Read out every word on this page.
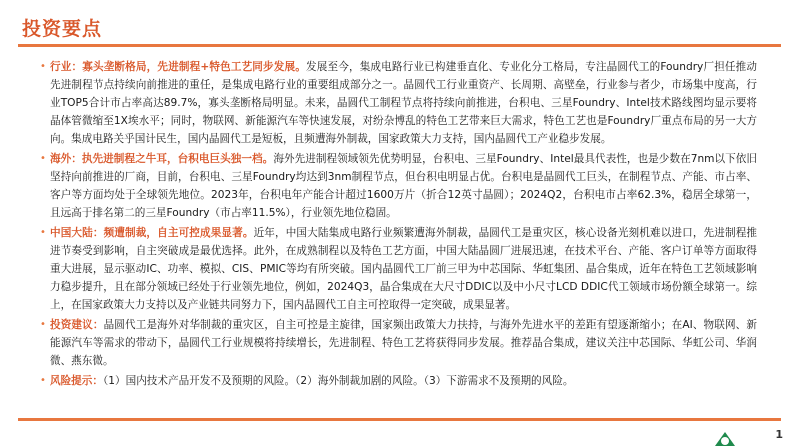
投资要点
• 行业：寡头垄断格局，先进制程+特色工艺同步发展。发展至今，集成电路行业已构建垂直化、专业化分工格局，专注晶圆代工的Foundry厂担任推动先进制程节点持续向前推进的重任，是集成电路行业的重要组成部分之一。晶圆代工行业重资产、长周期、高壁垒，行业参与者少，市场集中度高，行业TOP5合计市占率高达89.7%，寡头垄断格局明显。未来，晶圆代工制程节点将持续向前推进，台积电、三星Foundry、Intel技术路线图均显示要将晶体管微缩至1X埃水平；同时，物联网、新能源汽车等快速发展，对纷杂博乱的特色工艺带来巨大需求，特色工艺也是Foundry厂重点布局的另一大方向。集成电路关乎国计民生，国内晶圆代工是短板，且频遭海外制裁，国家政策大力支持，国内晶圆代工产业稳步发展。
• 海外：执先进制程之牛耳，台积电巨头独一档。海外先进制程领域领先优势明显，台积电、三星Foundry、Intel最具代表性，也是少数在7nm以下依旧坚持向前推进的厂商，目前，台积电、三星Foundry均达到3nm制程节点，但台积电明显占优。台积电是晶圆代工巨头，在制程节点、产能、市占率、客户等方面均处于全球领先地位。2023年，台积电年产能合计超过1600万片（折合12英寸晶圆）；2024Q2，台积电市占率62.3%，稳居全球第一，且远高于排名第二的三星Foundry（市占率11.5%），行业领先地位稳固。
• 中国大陆：频遭制裁，自主可控成果显著。近年，中国大陆集成电路行业频繁遭海外制裁，晶圆代工是重灾区，核心设备光刻机难以进口，先进制程推进节奏受到影响，自主突破成是最优选择。此外，在成熟制程以及特色工艺方面，中国大陆晶圆厂进展迅速，在技术平台、产能、客户订单等方面取得重大进展，显示驱动IC、功率、模拟、CIS、PMIC等均有所突破。国内晶圆代工厂前三甲为中芯国际、华虹集团、晶合集成，近年在特色工艺领域影响力稳步提升，且在部分领域已经处于行业领先地位，例如，2024Q3，晶合集成在大尺寸DDIC以及中小尺寸LCD DDIC代工领域市场份额全球第一。综上，在国家政策大力支持以及产业链共同努力下，国内晶圆代工自主可控取得一定突破，成果显著。
• 投资建议：晶圆代工是海外对华制裁的重灾区，自主可控是主旋律，国家频出政策大力扶持，与海外先进水平的差距有望逐渐缩小；在AI、物联网、新能源汽车等需求的带动下，晶圆代工行业规模将持续增长，先进制程、特色工艺将获得同步发展。推荐晶合集成，建议关注中芯国际、华虹公司、华润微、燕东微。
• 风险提示：（1）国内技术产品开发不及预期的风险。（2）海外制裁加剧的风险。（3）下游需求不及预期的风险。
1
